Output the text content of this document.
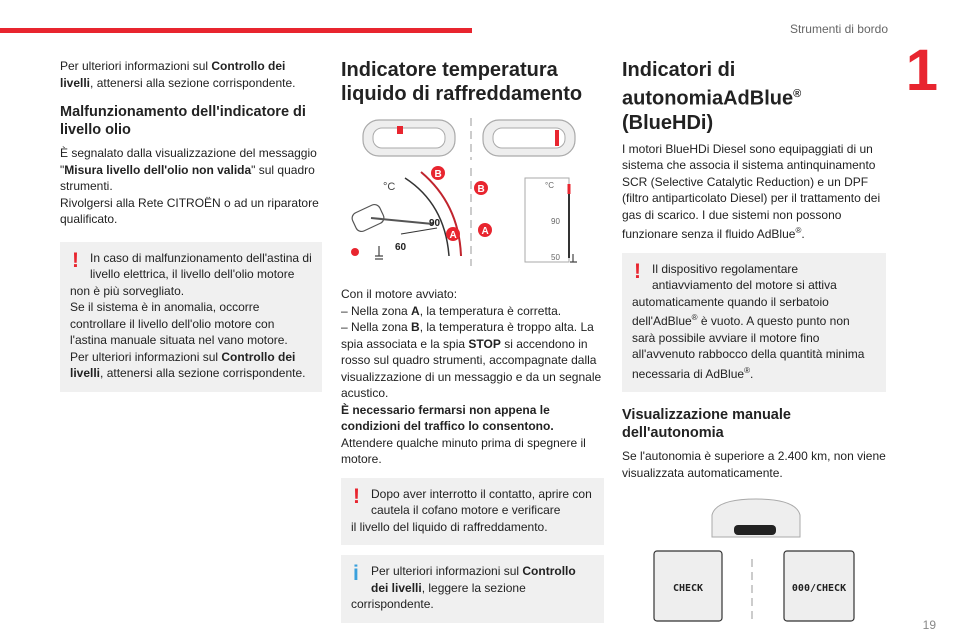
Strumenti di bordo
1
19

Per ulteriori informazioni sul Controllo dei livelli, attenersi alla sezione corrispondente.

Malfunzionamento dell'indicatore di livello olio

È segnalato dalla visualizzazione del messaggio "Misura livello dell'olio non valida" sul quadro strumenti.

Rivolgersi alla Rete CITROËN o ad un riparatore qualificato.

! In caso di malfunzionamento dell'astina di livello elettrica, il livello dell'olio motore

non è più sorvegliato.

Se il sistema è in anomalia, occorre controllare il livello dell'olio motore con l'astina manuale situata nel vano motore.

Per ulteriori informazioni sul Controllo dei livelli, attenersi alla sezione corrispondente.

Indicatore temperatura liquido di raffreddamento
°C
90
60
B
A
°C
90
50
B
A

Con il motore avviato:

– Nella zona A, la temperatura è corretta.

– Nella zona B, la temperatura è troppo alta. La spia associata e la spia STOP si accendono in rosso sul quadro strumenti, accompagnate dalla visualizzazione di un messaggio e da un segnale acustico.

È necessario fermarsi non appena le condizioni del traffico lo consentono.

Attendere qualche minuto prima di spegnere il motore.

! Dopo aver interrotto il contatto, aprire con cautela il cofano motore e verificare

il livello del liquido di raffreddamento.

i	Per ulteriori informazioni sul Controllo dei livelli, leggere la sezione

corrispondente.

Indicatori di autonomiaAdBlue®
(BlueHDi)

I motori BlueHDi Diesel sono equipaggiati di un sistema che associa il sistema antinquinamento SCR (Selective Catalytic Reduction) e un DPF (filtro antiparticolato Diesel) per il trattamento dei gas di scarico. I due sistemi non possono funzionare senza il fluido AdBlue®.

! Il dispositivo regolamentare antiavviamento del motore si attiva

automaticamente quando il serbatoio dell'AdBlue® è vuoto. A questo punto non sarà possibile avviare il motore fino all'avvenuto rabbocco della quantità minima necessaria di AdBlue®.

Visualizzazione manuale dell'autonomia

Se l'autonomia è superiore a 2.400 km, non viene visualizzata automaticamente.

CHECK	000/CHECK
